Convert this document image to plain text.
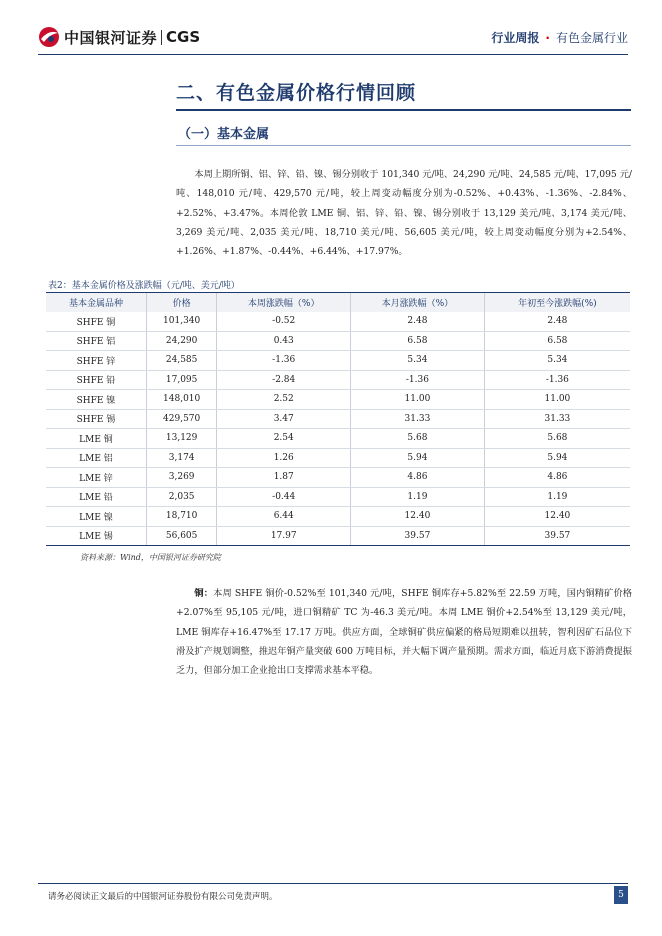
中国银河证券 CGS	行业周报 · 有色金属行业
二、有色金属价格行情回顾
（一）基本金属

本周上期所铜、铝、锌、铅、镍、锡分别收于 101,340 元/吨、24,290 元/吨、24,585 元/吨、17,095 元/吨、148,010 元/吨、429,570 元/吨，较上周变动幅度分别为-0.52%、+0.43%、-1.36%、-2.84%、+2.52%、+3.47%。本周伦敦 LME 铜、铝、锌、铅、镍、锡分别收于 13,129 美元/吨、3,174 美元/吨、3,269 美元/吨、2,035 美元/吨、18,710 美元/吨、56,605 美元/吨，较上周变动幅度分别为+2.54%、+1.26%、+1.87%、-0.44%、+6.44%、+17.97%。

表2：基本金属价格及涨跌幅（元/吨、美元/吨）
基本金属品种	价格	本周涨跌幅（%）	本月涨跌幅（%）	年初至今涨跌幅(%)
SHFE 铜	101,340	-0.52	2.48	2.48
SHFE 铝	24,290	0.43	6.58	6.58
SHFE 锌	24,585	-1.36	5.34	5.34
SHFE 铅	17,095	-2.84	-1.36	-1.36
SHFE 镍	148,010	2.52	11.00	11.00
SHFE 锡	429,570	3.47	31.33	31.33
LME 铜	13,129	2.54	5.68	5.68
LME 铝	3,174	1.26	5.94	5.94
LME 锌	3,269	1.87	4.86	4.86
LME 铅	2,035	-0.44	1.19	1.19
LME 镍	18,710	6.44	12.40	12.40
LME 锡	56,605	17.97	39.57	39.57
资料来源：Wind，中国银河证券研究院

铜：本周 SHFE 铜价-0.52%至 101,340 元/吨，SHFE 铜库存+5.82%至 22.59 万吨，国内铜精矿价格+2.07%至 95,105 元/吨，进口铜精矿 TC 为-46.3 美元/吨。本周 LME 铜价+2.54%至 13,129 美元/吨，LME 铜库存+16.47%至 17.17 万吨。供应方面，全球铜矿供应偏紧的格局短期难以扭转，智利因矿石品位下滑及扩产规划调整，推迟年铜产量突破 600 万吨目标，并大幅下调产量预期。需求方面，临近月底下游消费提振乏力，但部分加工企业抢出口支撑需求基本平稳。

请务必阅读正文最后的中国银河证券股份有限公司免责声明。	5
